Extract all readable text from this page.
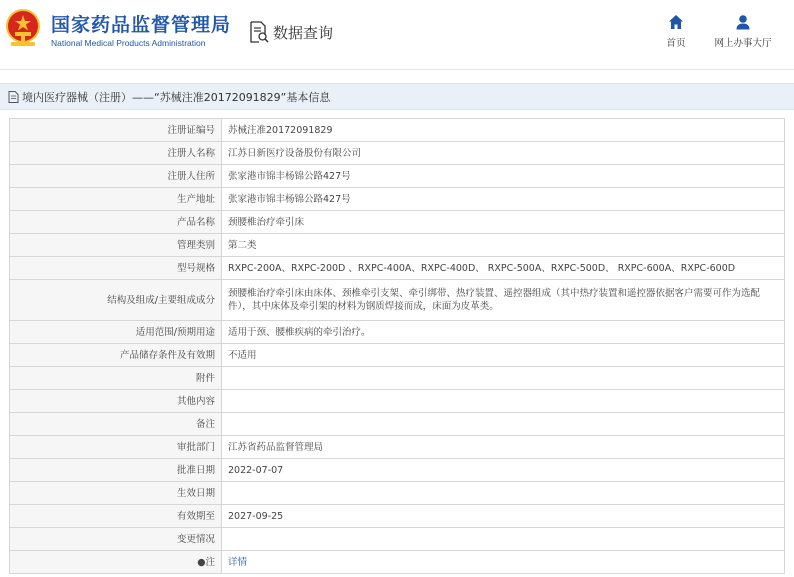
国家药品监督管理局
National Medical Products Administration
数据查询
首页	网上办事大厅
境内医疗器械（注册）——“苏械注准20172091829”基本信息
注册证编号	苏械注准20172091829
注册人名称	江苏日新医疗设备股份有限公司
注册人住所	张家港市锦丰杨锦公路427号
生产地址	张家港市锦丰杨锦公路427号
产品名称	颈腰椎治疗牵引床
管理类别	第二类
型号规格	RXPC-200A、RXPC-200D 、RXPC-400A、RXPC-400D、 RXPC-500A、RXPC-500D、 RXPC-600A、RXPC-600D
结构及组成/主要组成成分	颈腰椎治疗牵引床由床体、颈椎牵引支架、牵引绑带、热疗装置、遥控器组成（其中热疗装置和遥控器依据客户需要可作为选配件），其中床体及牵引架的材料为钢质焊接而成，床面为皮革类。
适用范围/预期用途	适用于颈、腰椎疾病的牵引治疗。
产品储存条件及有效期	不适用
附件	
其他内容	
备注	
审批部门	江苏省药品监督管理局
批准日期	2022-07-07
生效日期	
有效期至	2027-09-25
变更情况	
●注	详情
